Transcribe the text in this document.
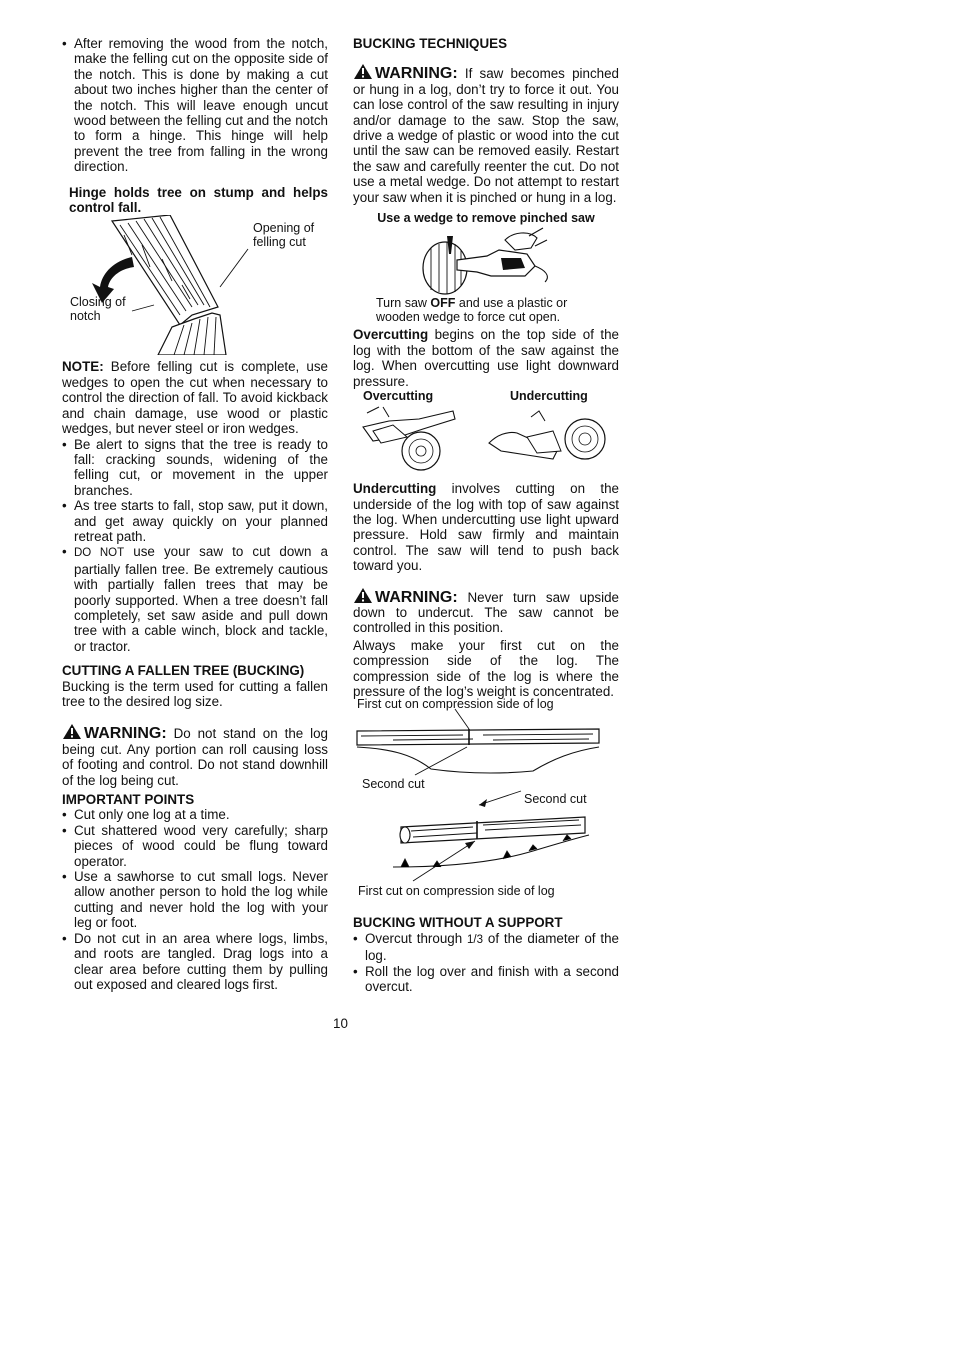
• After removing the wood from the notch, make the felling cut on the opposite side of the notch. This is done by making a cut about two inches higher than the center of the notch. This will leave enough uncut wood between the felling cut and the notch to form a hinge. This hinge will help prevent the tree from falling in the wrong direction.

Hinge holds tree on stump and helps control fall.

Opening of felling cut
Closing of notch

NOTE: Before felling cut is complete, use wedges to open the cut when necessary to control the direction of fall. To avoid kickback and chain damage, use wood or plastic wedges, but never steel or iron wedges.

• Be alert to signs that the tree is ready to fall: cracking sounds, widening of the felling cut, or movement in the upper branches.
• As tree starts to fall, stop saw, put it down, and get away quickly on your planned retreat path.
• DO NOT use your saw to cut down a partially fallen tree. Be extremely cautious with partially fallen trees that may be poorly supported. When a tree doesn’t fall completely, set saw aside and pull down tree with a cable winch, block and tackle, or tractor.

CUTTING A FALLEN TREE (BUCKING)

Bucking is the term used for cutting a fallen tree to the desired log size.

WARNING: Do not stand on the log being cut. Any portion can roll causing loss of footing and control. Do not stand downhill of the log being cut.

IMPORTANT POINTS

• Cut only one log at a time.
• Cut shattered wood very carefully; sharp pieces of wood could be flung toward operator.
• Use a sawhorse to cut small logs. Never allow another person to hold the log while cutting and never hold the log with your leg or foot.
• Do not cut in an area where logs, limbs, and roots are tangled. Drag logs into a clear area before cutting them by pulling out exposed and cleared logs first.

BUCKING TECHNIQUES

WARNING: If saw becomes pinched or hung in a log, don’t try to force it out. You can lose control of the saw resulting in injury and/or damage to the saw. Stop the saw, drive a wedge of plastic or wood into the cut until the saw can be removed easily. Restart the saw and carefully reenter the cut. Do not use a metal wedge. Do not attempt to restart your saw when it is pinched or hung in a log.

Use a wedge to remove pinched saw
Turn saw OFF and use a plastic or wooden wedge to force cut open.

Overcutting begins on the top side of the log with the bottom of the saw against the log. When overcutting use light downward pressure.

Overcutting	Undercutting

Undercutting involves cutting on the underside of the log with top of saw against the log. When undercutting use light upward pressure. Hold saw firmly and maintain control. The saw will tend to push back toward you.

WARNING: Never turn saw upside down to undercut. The saw cannot be controlled in this position.

Always make your first cut on the compression side of the log. The compression side of the log is where the pressure of the log’s weight is concentrated.

First cut on compression side of log
Second cut
Second cut
First cut on compression side of log

BUCKING WITHOUT A SUPPORT

• Overcut through 1/3 of the diameter of the log.
• Roll the log over and finish with a second overcut.
10
